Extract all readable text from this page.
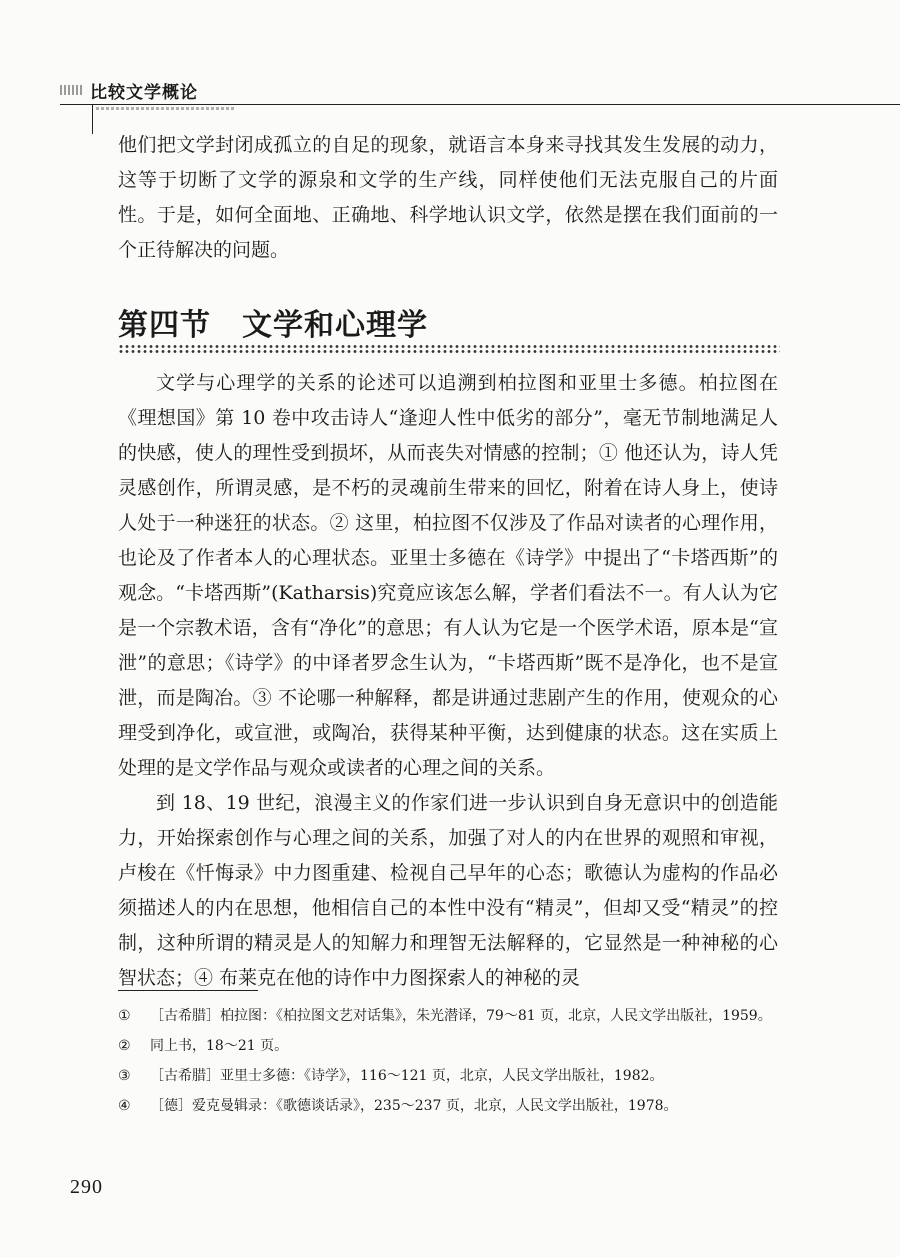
比较文学概论

他们把文学封闭成孤立的自足的现象，就语言本身来寻找其发生发展的动力，这等于切断了文学的源泉和文学的生产线，同样使他们无法克服自己的片面性。于是，如何全面地、正确地、科学地认识文学，依然是摆在我们面前的一个正待解决的问题。

第四节　文学和心理学

文学与心理学的关系的论述可以追溯到柏拉图和亚里士多德。柏拉图在《理想国》第 10 卷中攻击诗人“逢迎人性中低劣的部分”，毫无节制地满足人的快感，使人的理性受到损坏，从而丧失对情感的控制；① 他还认为，诗人凭灵感创作，所谓灵感，是不朽的灵魂前生带来的回忆，附着在诗人身上，使诗人处于一种迷狂的状态。② 这里，柏拉图不仅涉及了作品对读者的心理作用，也论及了作者本人的心理状态。亚里士多德在《诗学》中提出了“卡塔西斯”的观念。“卡塔西斯”(Katharsis)究竟应该怎么解，学者们看法不一。有人认为它是一个宗教术语，含有“净化”的意思；有人认为它是一个医学术语，原本是“宣泄”的意思；《诗学》的中译者罗念生认为，“卡塔西斯”既不是净化，也不是宣泄，而是陶冶。③ 不论哪一种解释，都是讲通过悲剧产生的作用，使观众的心理受到净化，或宣泄，或陶冶，获得某种平衡，达到健康的状态。这在实质上处理的是文学作品与观众或读者的心理之间的关系。

到 18、19 世纪，浪漫主义的作家们进一步认识到自身无意识中的创造能力，开始探索创作与心理之间的关系，加强了对人的内在世界的观照和审视，卢梭在《忏悔录》中力图重建、检视自己早年的心态；歌德认为虚构的作品必须描述人的内在思想，他相信自己的本性中没有“精灵”，但却又受“精灵”的控制，这种所谓的精灵是人的知解力和理智无法解释的，它显然是一种神秘的心智状态；④ 布莱克在他的诗作中力图探索人的神秘的灵

① ［古希腊］柏拉图：《柏拉图文艺对话集》，朱光潜译，79～81 页，北京，人民文学出版社，1959。
② 同上书，18～21 页。
③ ［古希腊］亚里士多德：《诗学》，116～121 页，北京，人民文学出版社，1982。
④ ［德］爱克曼辑录：《歌德谈话录》，235～237 页，北京，人民文学出版社，1978。
290
